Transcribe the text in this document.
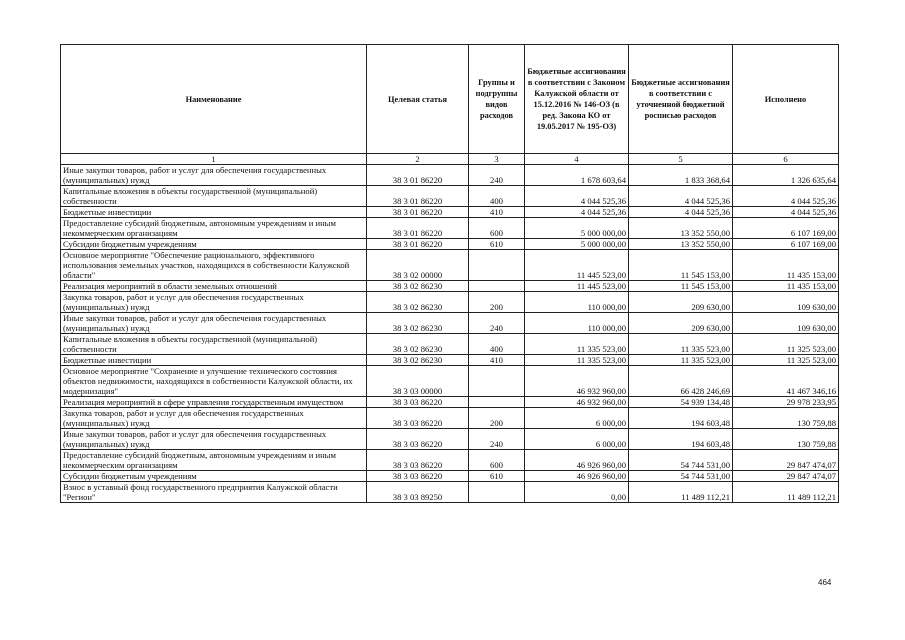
Наименование	Целевая статья	Группы и подгруппы видов расходов	Бюджетные ассигнования в соответствии с Законом Калужской области от 15.12.2016 № 146-ОЗ (в ред. Закона КО от 19.05.2017 № 195-ОЗ)	Бюджетные ассигнования в соответствии с уточненной бюджетной росписью расходов	Исполнено
1	2	3	4	5	6
Иные закупки товаров, работ и услуг для обеспечения государственных (муниципальных) нужд	38 3 01 86220	240	1 678 603,64	1 833 368,64	1 326 635,64
Капитальные вложения в объекты государственной (муниципальной) собственности	38 3 01 86220	400	4 044 525,36	4 044 525,36	4 044 525,36
Бюджетные инвестиции	38 3 01 86220	410	4 044 525,36	4 044 525,36	4 044 525,36
Предоставление субсидий бюджетным, автономным учреждениям и иным некоммерческим организациям	38 3 01 86220	600	5 000 000,00	13 352 550,00	6 107 169,00
Субсидии бюджетным учреждениям	38 3 01 86220	610	5 000 000,00	13 352 550,00	6 107 169,00
Основное мероприятие "Обеспечение рационального, эффективного использования земельных участков, находящихся в собственности Калужской области"	38 3 02 00000		11 445 523,00	11 545 153,00	11 435 153,00
Реализация мероприятий в области земельных отношений	38 3 02 86230		11 445 523,00	11 545 153,00	11 435 153,00
Закупка товаров, работ и услуг для обеспечения государственных (муниципальных) нужд	38 3 02 86230	200	110 000,00	209 630,00	109 630,00
Иные закупки товаров, работ и услуг для обеспечения государственных (муниципальных) нужд	38 3 02 86230	240	110 000,00	209 630,00	109 630,00
Капитальные вложения в объекты государственной (муниципальной) собственности	38 3 02 86230	400	11 335 523,00	11 335 523,00	11 325 523,00
Бюджетные инвестиции	38 3 02 86230	410	11 335 523,00	11 335 523,00	11 325 523,00
Основное мероприятие "Сохранение и улучшение технического состояния объектов недвижимости, находящихся в собственности Калужской области, их модернизация"	38 3 03 00000		46 932 960,00	66 428 246,69	41 467 346,16
Реализация мероприятий в сфере управления государственным имуществом	38 3 03 86220		46 932 960,00	54 939 134,48	29 978 233,95
Закупка товаров, работ и услуг для обеспечения государственных (муниципальных) нужд	38 3 03 86220	200	6 000,00	194 603,48	130 759,88
Иные закупки товаров, работ и услуг для обеспечения государственных (муниципальных) нужд	38 3 03 86220	240	6 000,00	194 603,48	130 759,88
Предоставление субсидий бюджетным, автономным учреждениям и иным некоммерческим организациям	38 3 03 86220	600	46 926 960,00	54 744 531,00	29 847 474,07
Субсидии бюджетным учреждениям	38 3 03 86220	610	46 926 960,00	54 744 531,00	29 847 474,07
Взнос в уставный фонд государственного предприятия Калужской области "Регион"	38 3 03 89250		0,00	11 489 112,21	11 489 112,21
464
